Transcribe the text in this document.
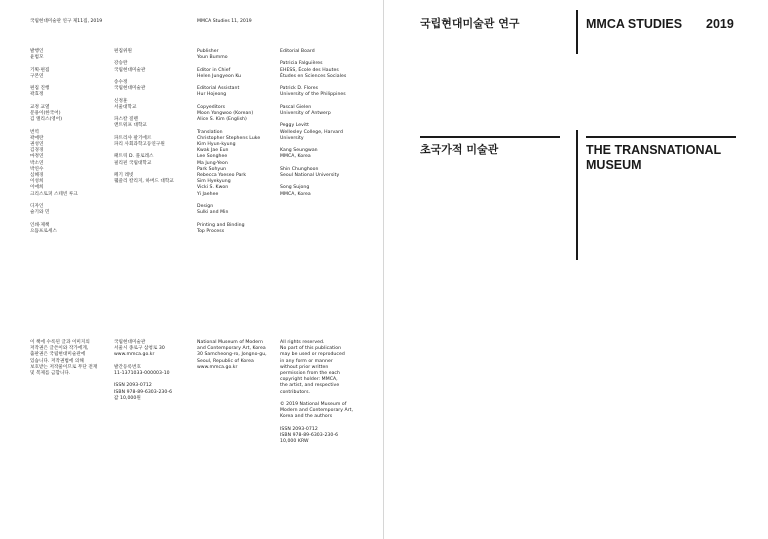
국립현대미술관 연구 제11집, 2019	MMCA Studies 11, 2019
발행인
윤범모

기획·편집
구본연

편집 진행
곽효정

교정 교열
문용이(한국어)
김 앨리스(영어)

번역
곽애란
권성연
김경경
마정연
박소연
박연수
심혜경
이성희
이애희
크리스토퍼 스테빈 루크

디자인
슬기와 민

인쇄·제책
으뜸프로세스
편집위원

강승완
국립현대미술관

송수정
국립현대미술관

신정훈
서울대학교

파스칼 질렌
앤트워프 대학교

파트리샤 팔기에르
파리 사회과학고등연구원

패트릭 D. 플로레스
필리핀 국립대학교

페기 레빗
웰즐리 칼리지, 하버드 대학교
Publisher
Youn Bummo

Editor in Chief
Helen Jungyeon Ku

Editorial Assistant
Hur Hojeong

Copyeditors
Moon Yongwoo (Korean)
Alice S. Kim (English)

Translation
Christopher Stephens Luke
Kim Hyun-kyung
Kwak Jae Eun
Lee Songhee
Ma Jung-Yeon
Park Sohyun
Rebecca Yoeseo Park
Sim Hyekyung
Vicki S. Kwon
Yi Jaehee

Design
Sulki and Min

Printing and Binding
Top Process
Editorial Board

Patricia Falguières
EHESS, École des Hautes
Études en Sciences Sociales

Patrick D. Flores
University of the Philippines

Pascal Gielen
University of Antwerp

Peggy Levitt
Wellesley College, Harvard
University

Kang Seungwan
MMCA, Korea

Shin Chunghoon
Seoul National University

Song Sujong
MMCA, Korea
이 책에 수록된 글과 이미지의
저작권은 글쓴이와 작가에게,
출판권은 국립현대미술관에
있습니다. 저작권법에 의해
보호받는 저작물이므로 무단 전재
및 복제를 금합니다.
국립현대미술관
서울시 종로구 삼청로 30
www.mmca.go.kr

발간등록번호
11-1371033-000003-10

ISSN 2093-0712
ISBN 978-89-6303-230-6
값 10,000원
National Museum of Modern
and Contemporary Art, Korea
30 Samcheong-ro, Jongno-gu,
Seoul, Republic of Korea
www.mmca.go.kr
All rights reserved.
No part of this publication
may be used or reproduced
in any form or manner
without prior written
permission from the each
copyright holder: MMCA,
the artist, and respective
contributors.

© 2019 National Museum of
Modern and Contemporary Art,
Korea and the authors

ISSN 2093-0712
ISBN 978-89-6303-230-6
10,000 KRW
국립현대미술관 연구	MMCA STUDIES 2019
초국가적 미술관	THE TRANSNATIONAL
MUSEUM
